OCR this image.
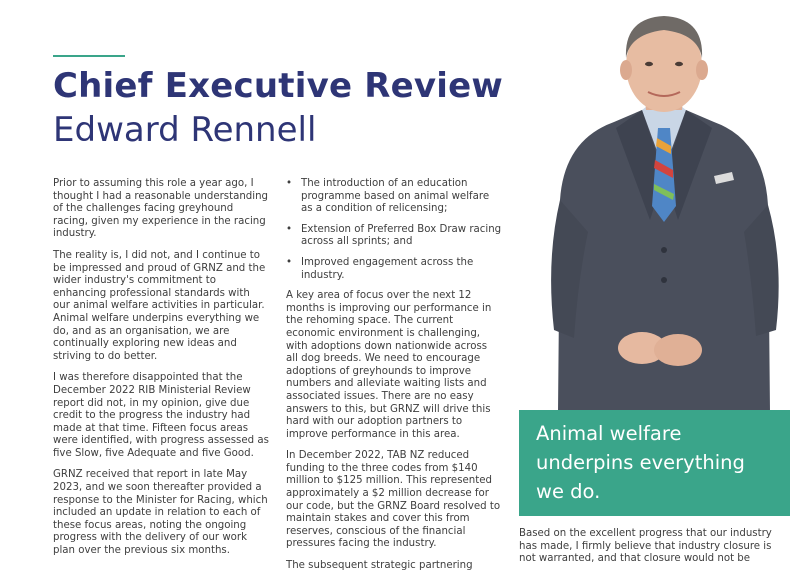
Chief Executive Review
Edward Rennell

Prior to assuming this role a year ago, I thought I had a reasonable understanding of the challenges facing greyhound racing, given my experience in the racing industry.

The reality is, I did not, and I continue to be impressed and proud of GRNZ and the wider industry's commitment to enhancing professional standards with our animal welfare activities in particular. Animal welfare underpins everything we do, and as an organisation, we are continually exploring new ideas and striving to do better.

I was therefore disappointed that the December 2022 RIB Ministerial Review report did not, in my opinion, give due credit to the progress the industry had made at that time. Fifteen focus areas were identified, with progress assessed as five Slow, five Adequate and five Good.

GRNZ received that report in late May 2023, and we soon thereafter provided a response to the Minister for Racing, which included an update in relation to each of these focus areas, noting the ongoing progress with the delivery of our work plan over the previous six months.

• The introduction of an education programme based on animal welfare as a condition of relicensing;
• Extension of Preferred Box Draw racing across all sprints; and
• Improved engagement across the industry.

A key area of focus over the next 12 months is improving our performance in the rehoming space. The current economic environment is challenging, with adoptions down nationwide across all dog breeds. We need to encourage adoptions of greyhounds to improve numbers and alleviate waiting lists and associated issues. There are no easy answers to this, but GRNZ will drive this hard with our adoption partners to improve performance in this area.

In December 2022, TAB NZ reduced funding to the three codes from $140 million to $125 million. This represented approximately a $2 million decrease for our code, but the GRNZ Board resolved to maintain stakes and cover this from reserves, conscious of the financial pressures facing the industry.

The subsequent strategic partnering

Animal welfare underpins everything we do.

Based on the excellent progress that our industry has made, I firmly believe that industry closure is not warranted, and that closure would not be
